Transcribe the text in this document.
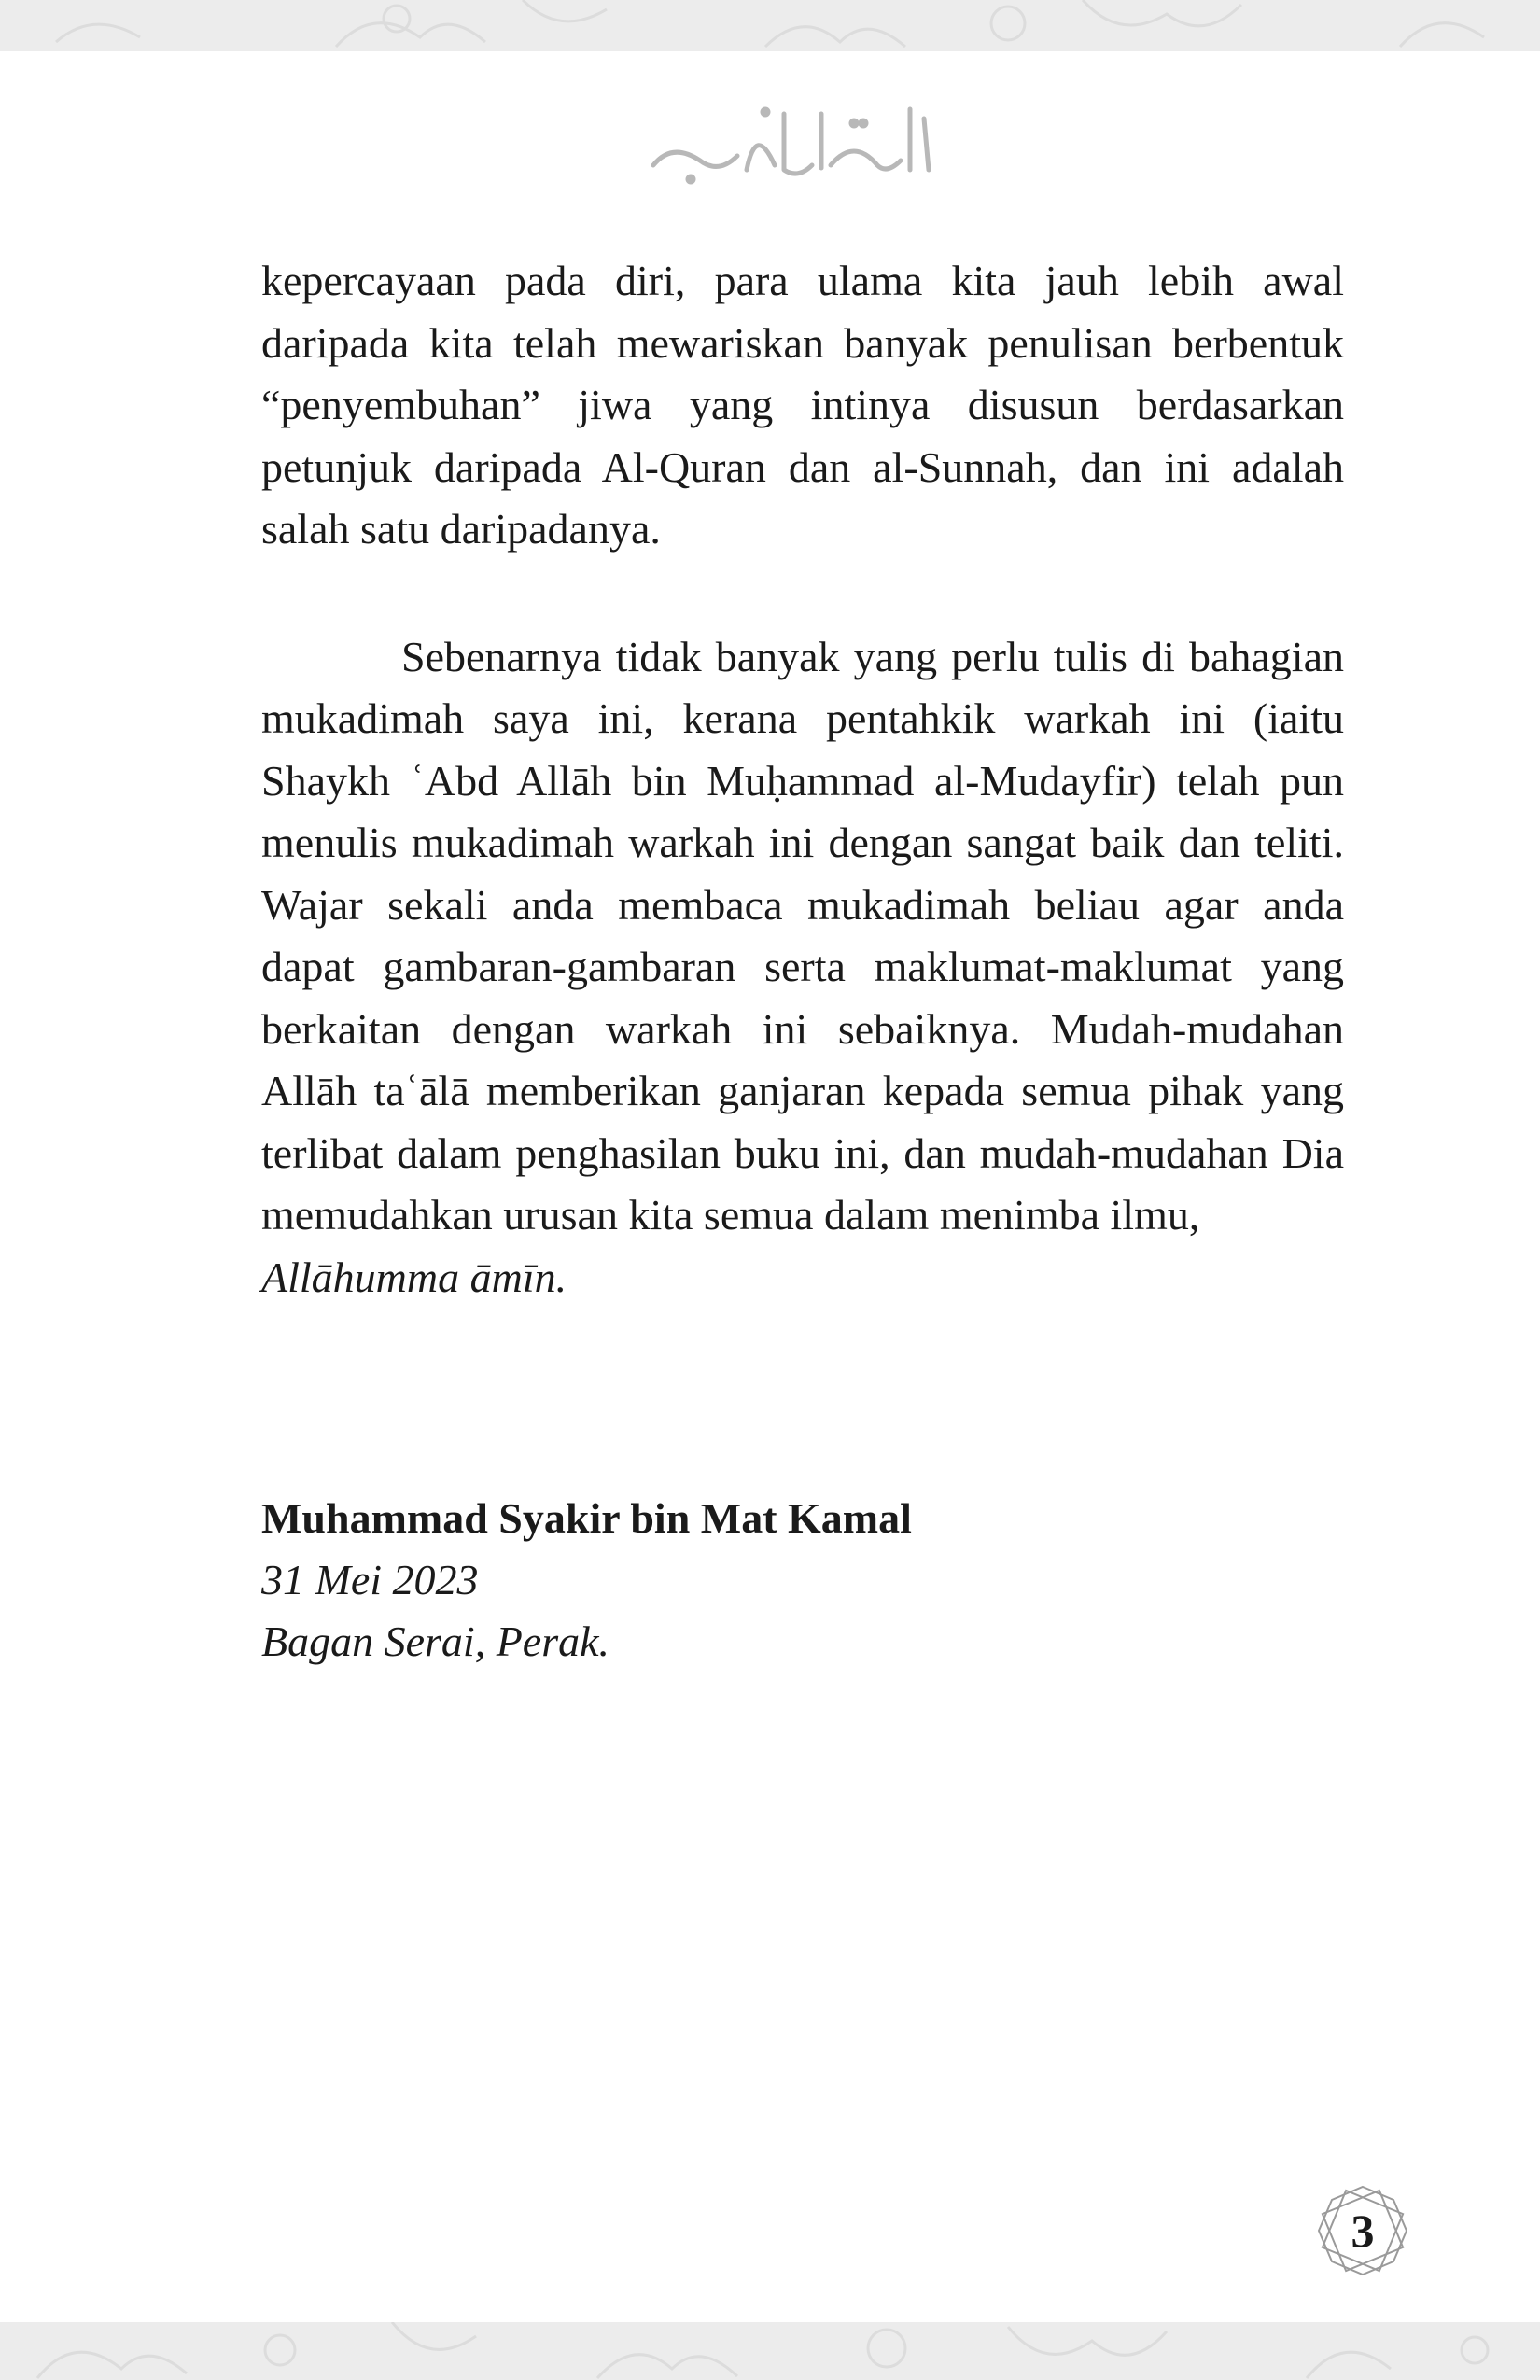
kepercayaan pada diri, para ulama kita jauh lebih awal daripada kita telah mewariskan banyak penulisan berbentuk “penyembuhan” jiwa yang intinya disusun berdasarkan petunjuk daripada Al-Quran dan al-Sunnah, dan ini adalah salah satu daripadanya.

Sebenarnya tidak banyak yang perlu tulis di bahagian mukadimah saya ini, kerana pentahkik warkah ini (iaitu Shaykh ʿAbd Allāh bin Muḥammad al-Mudayfir) telah pun menulis mukadimah warkah ini dengan sangat baik dan teliti. Wajar sekali anda membaca mukadimah beliau agar anda dapat gambaran-gambaran serta maklumat-maklumat yang berkaitan dengan warkah ini sebaiknya. Mudah-mudahan Allāh taʿālā memberikan ganjaran kepada semua pihak yang terlibat dalam penghasilan buku ini, dan mudah-mudahan Dia memudahkan urusan kita semua dalam menimba ilmu,
Allāhumma āmīn.

Muhammad Syakir bin Mat Kamal
31 Mei 2023
Bagan Serai, Perak.
3
